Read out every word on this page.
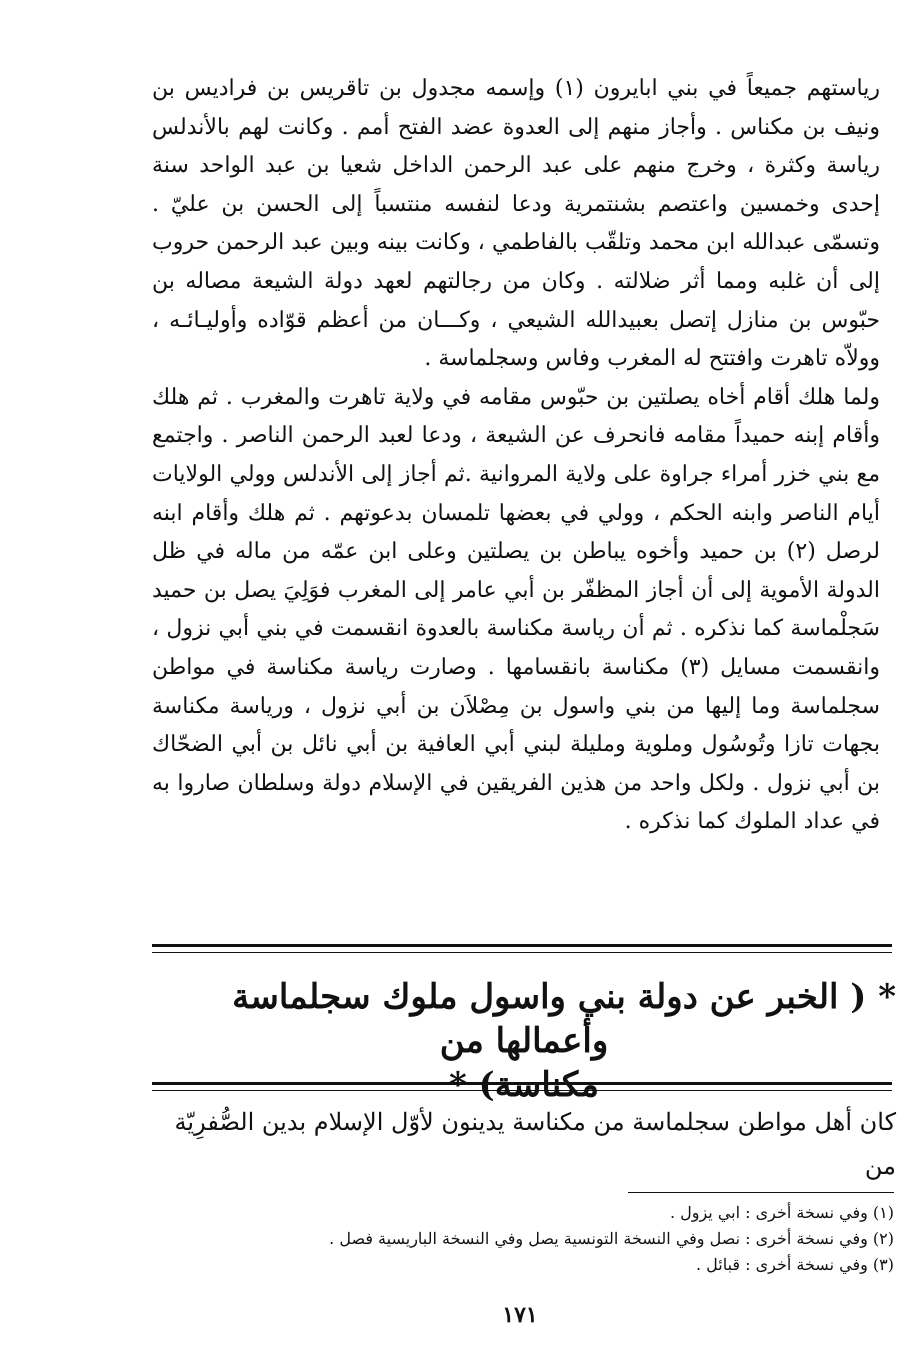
رياستهم جميعاً في بني ابايرون (١) وإسمه مجدول بن تاقريس بن فراديس بن ونيف بن مكناس . وأجاز منهم إلى العدوة عضد الفتح أمم . وكانت لهم بالأندلس رياسة وكثرة ، وخرج منهم على عبد الرحمن الداخل شعيا بن عبد الواحد سنة إحدى وخمسين واعتصم بشنتمرية ودعا لنفسه منتسباً إلى الحسن بن عليّ . وتسمّى عبدالله ابن محمد وتلقّب بالفاطمي ، وكانت بينه وبين عبد الرحمن حروب إلى أن غلبه ومما أثر ضلالته . وكان من رجالتهم لعهد دولة الشيعة مصاله بن حبّوس بن منازل إتصل بعبيدالله الشيعي ، وكـــان من أعظم قوّاده وأوليـائـه ، وولاّه تاهرت وافتتح له المغرب وفاس وسجلماسة .

ولما هلك أقام أخاه يصلتين بن حبّوس مقامه في ولاية تاهرت والمغرب . ثم هلك وأقام إبنه حميداً مقامه فانحرف عن الشيعة ، ودعا لعبد الرحمن الناصر . واجتمع مع بني خزر أمراء جراوة على ولاية المروانية .ثم أجاز إلى الأندلس وولي الولايات أيام الناصر وابنه الحكم ، وولي في بعضها تلمسان بدعوتهم . ثم هلك وأقام ابنه لرصل (٢) بن حميد وأخوه يباطن بن يصلتين وعلى ابن عمّه من ماله في ظل الدولة الأموية إلى أن أجاز المظفّر بن أبي عامر إلى المغرب فوَلِيَ يصل بن حميد سَجلْماسة كما نذكره . ثم أن رياسة مكناسة بالعدوة انقسمت في بني أبي نزول ، وانقسمت مسايل (٣) مكناسة بانقسامها . وصارت رياسة مكناسة في مواطن سجلماسة وما إليها من بني واسول بن مِصْلاَن بن أبي نزول ، ورياسة مكناسة بجهات تازا وتُوسُول وملوية ومليلة لبني أبي العافية بن أبي نائل بن أبي الضحّاك بن أبي نزول . ولكل واحد من هذين الفريقين في الإسلام دولة وسلطان صاروا به في عداد الملوك كما نذكره .

* ( الخبر عن دولة بني واسول ملوك سجلماسة وأعمالها من
مكناسة) *
كان أهل مواطن سجلماسة من مكناسة يدينون لأوّل الإسلام بدين الصُّفرِيّة من
(١) وفي نسخة أخرى : ابي يزول .
(٢) وفي نسخة أخرى : نصل وفي النسخة التونسية يصل وفي النسخة الباريسية فصل .
(٣) وفي نسخة أخرى : قبائل .
١٧١
